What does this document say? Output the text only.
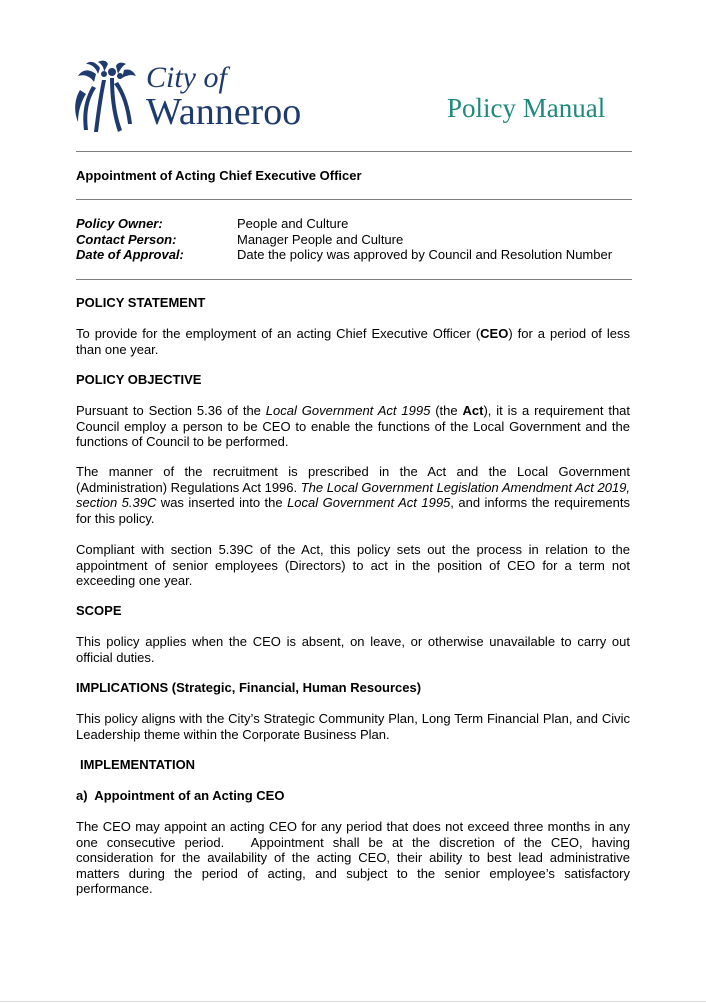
City of
Wanneroo	Policy Manual
Appointment of Acting Chief Executive Officer
Policy Owner:	People and Culture
Contact Person:	Manager People and Culture
Date of Approval:	Date the policy was approved by Council and Resolution Number
POLICY STATEMENT
To provide for the employment of an acting Chief Executive Officer (CEO) for a period of less than one year.
POLICY OBJECTIVE
Pursuant to Section 5.36 of the Local Government Act 1995 (the Act), it is a requirement that Council employ a person to be CEO to enable the functions of the Local Government and the functions of Council to be performed.
The manner of the recruitment is prescribed in the Act and the Local Government (Administration) Regulations Act 1996. The Local Government Legislation Amendment Act 2019, section 5.39C was inserted into the Local Government Act 1995, and informs the requirements for this policy.
Compliant with section 5.39C of the Act, this policy sets out the process in relation to the appointment of senior employees (Directors) to act in the position of CEO for a term not exceeding one year.
SCOPE
This policy applies when the CEO is absent, on leave, or otherwise unavailable to carry out official duties.
IMPLICATIONS (Strategic, Financial, Human Resources)
This policy aligns with the City’s Strategic Community Plan, Long Term Financial Plan, and Civic Leadership theme within the Corporate Business Plan.
IMPLEMENTATION
a)  Appointment of an Acting CEO
The CEO may appoint an acting CEO for any period that does not exceed three months in any one consecutive period.   Appointment shall be at the discretion of the CEO, having consideration for the availability of the acting CEO, their ability to best lead administrative matters during the period of acting, and subject to the senior employee’s satisfactory performance.
